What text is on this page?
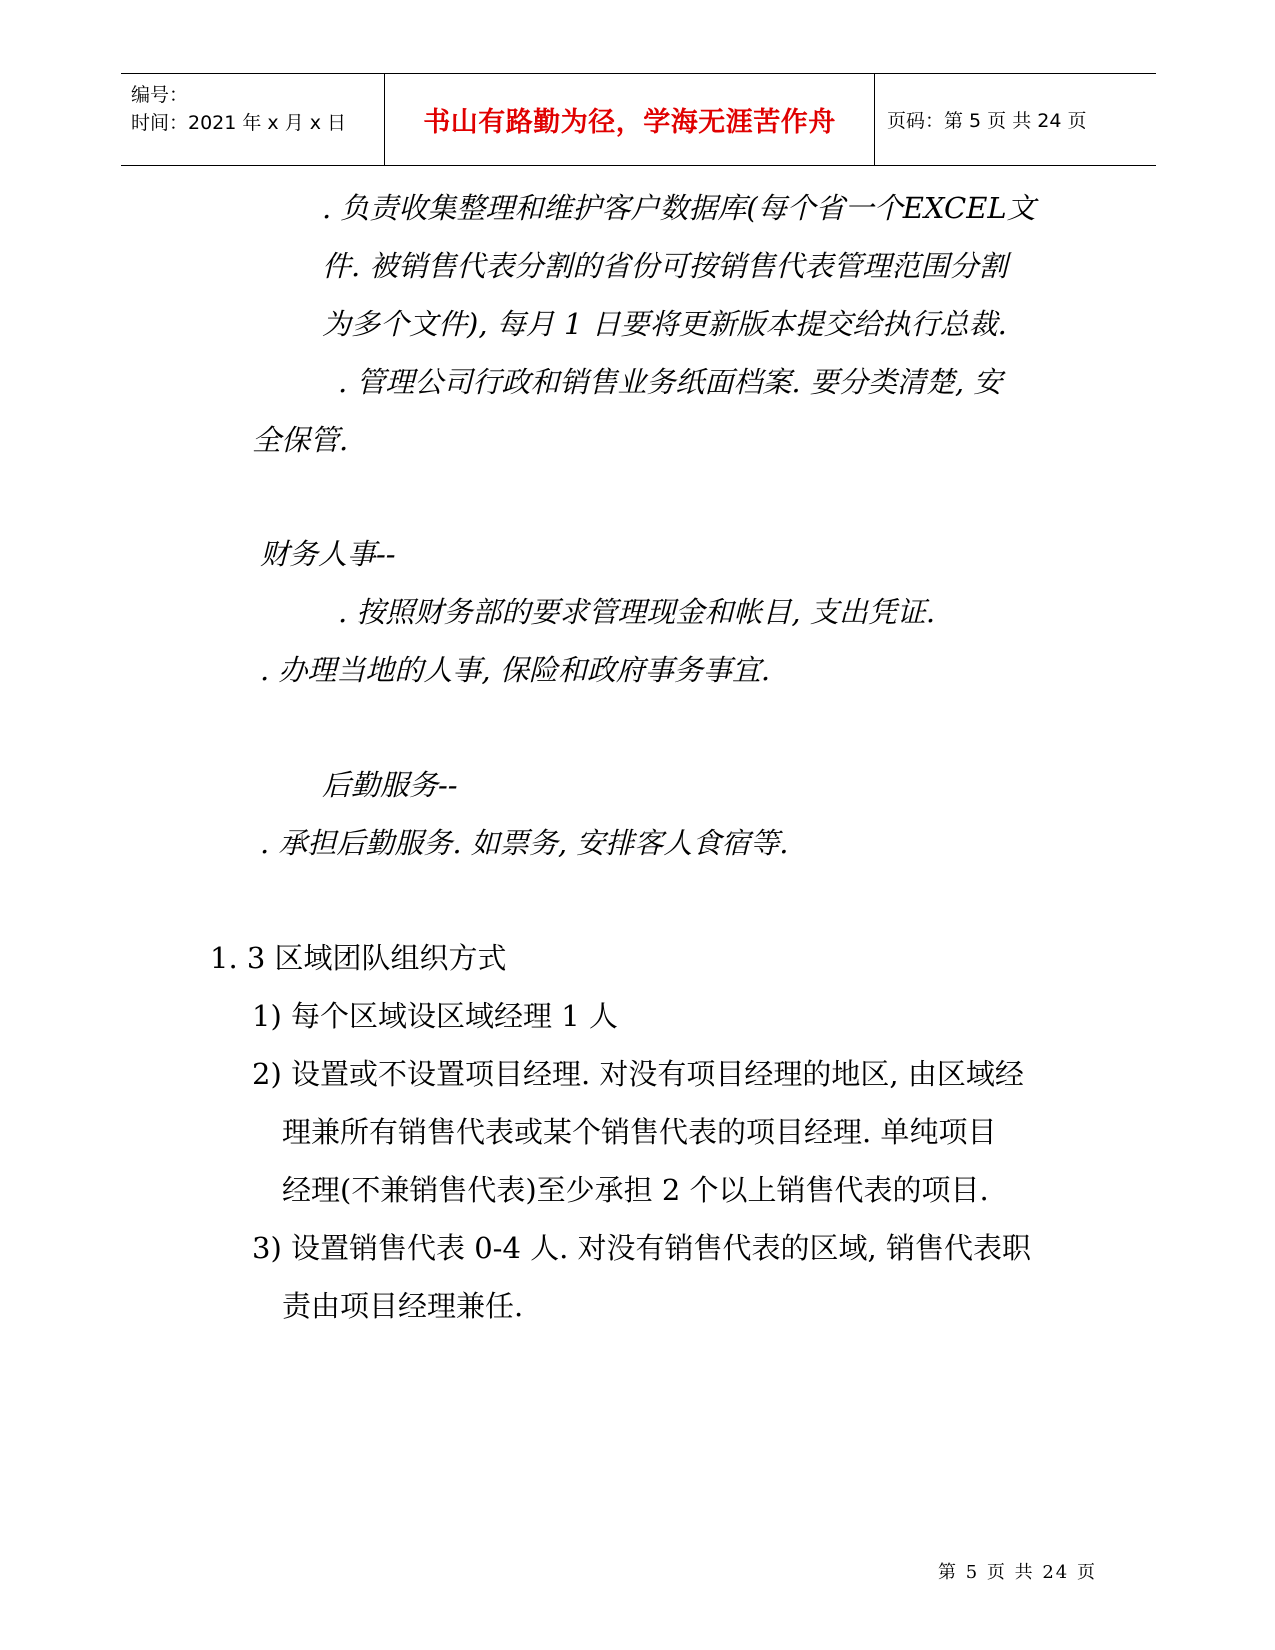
编号：
时间：2021 年 x 月 x 日	书山有路勤为径，学海无涯苦作舟	页码：第 5 页 共 24 页
. 负责收集整理和维护客户数据库(每个省一个EXCEL文
件. 被销售代表分割的省份可按销售代表管理范围分割
为多个文件), 每月 1 日要将更新版本提交给执行总裁.
. 管理公司行政和销售业务纸面档案. 要分类清楚, 安
全保管.
财务人事--
. 按照财务部的要求管理现金和帐目, 支出凭证.
. 办理当地的人事, 保险和政府事务事宜.
后勤服务--
. 承担后勤服务. 如票务, 安排客人食宿等.
1. 3 区域团队组织方式
1) 每个区域设区域经理 1 人
2) 设置或不设置项目经理. 对没有项目经理的地区, 由区域经
理兼所有销售代表或某个销售代表的项目经理. 单纯项目
经理(不兼销售代表)至少承担 2 个以上销售代表的项目.
3) 设置销售代表 0-4 人. 对没有销售代表的区域, 销售代表职
责由项目经理兼任.
第 5 页 共 24 页
